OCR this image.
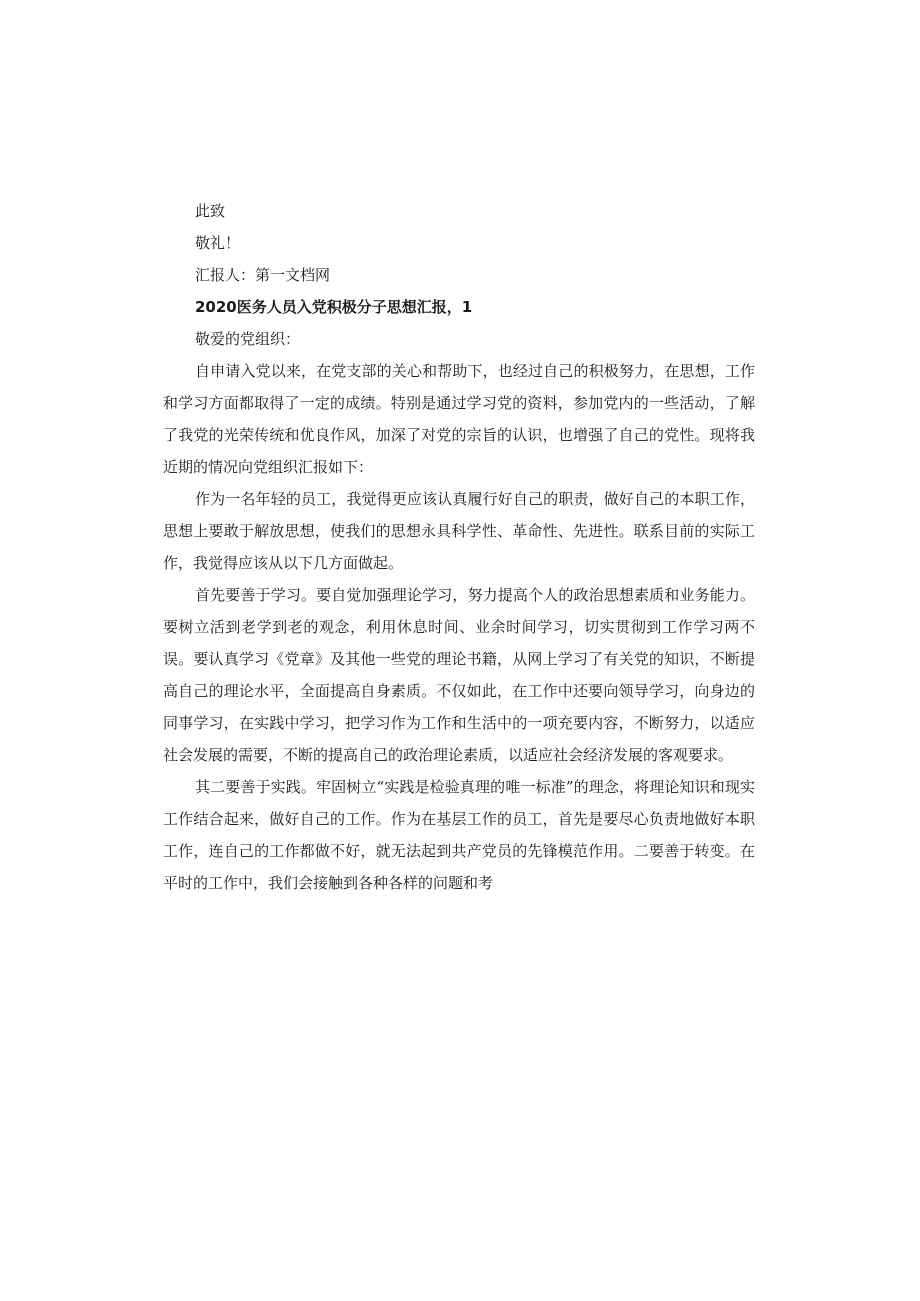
此致

敬礼！

汇报人：第一文档网

2020医务人员入党积极分子思想汇报，1

敬爱的党组织：

自申请入党以来，在党支部的关心和帮助下，也经过自己的积极努力，在思想，工作和学习方面都取得了一定的成绩。特别是通过学习党的资料，参加党内的一些活动，了解了我党的光荣传统和优良作风，加深了对党的宗旨的认识，也增强了自己的党性。现将我近期的情况向党组织汇报如下：

作为一名年轻的员工，我觉得更应该认真履行好自己的职责，做好自己的本职工作，思想上要敢于解放思想，使我们的思想永具科学性、革命性、先进性。联系目前的实际工作，我觉得应该从以下几方面做起。

首先要善于学习。要自觉加强理论学习，努力提高个人的政治思想素质和业务能力。要树立活到老学到老的观念，利用休息时间、业余时间学习，切实贯彻到工作学习两不误。要认真学习《党章》及其他一些党的理论书籍，从网上学习了有关党的知识，不断提高自己的理论水平，全面提高自身素质。不仅如此，在工作中还要向领导学习，向身边的同事学习，在实践中学习，把学习作为工作和生活中的一项充要内容，不断努力，以适应社会发展的需要，不断的提高自己的政治理论素质，以适应社会经济发展的客观要求。

其二要善于实践。牢固树立“实践是检验真理的唯一标准”的理念，将理论知识和现实工作结合起来，做好自己的工作。作为在基层工作的员工，首先是要尽心负责地做好本职工作，连自己的工作都做不好，就无法起到共产党员的先锋模范作用。二要善于转变。在平时的工作中，我们会接触到各种各样的问题和考
